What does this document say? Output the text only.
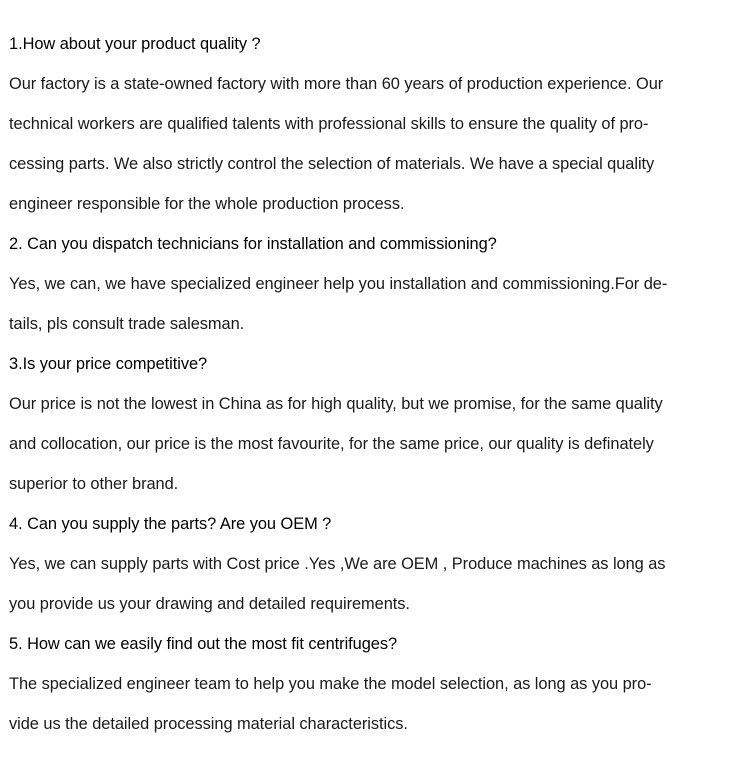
1.How about your product quality ?
Our factory is a state-owned factory with more than 60 years of production experience. Our
technical workers are qualified talents with professional skills to ensure the quality of pro-
cessing parts. We also strictly control the selection of materials. We have a special quality
engineer responsible for the whole production process.
2. Can you dispatch technicians for installation and commissioning?
Yes, we can, we have specialized engineer help you installation and commissioning.For de-
tails, pls consult trade salesman.
3.Is your price competitive?
Our price is not the lowest in China as for high quality, but we promise, for the same quality
and collocation, our price is the most favourite, for the same price, our quality is definately
superior to other brand.
4. Can you supply the parts? Are you OEM ?
Yes, we can supply parts with Cost price .Yes ,We are OEM , Produce machines as long as
you provide us your drawing and detailed requirements.
5. How can we easily find out the most fit centrifuges?
The specialized engineer team to help you make the model selection, as long as you pro-
vide us the detailed processing material characteristics.
